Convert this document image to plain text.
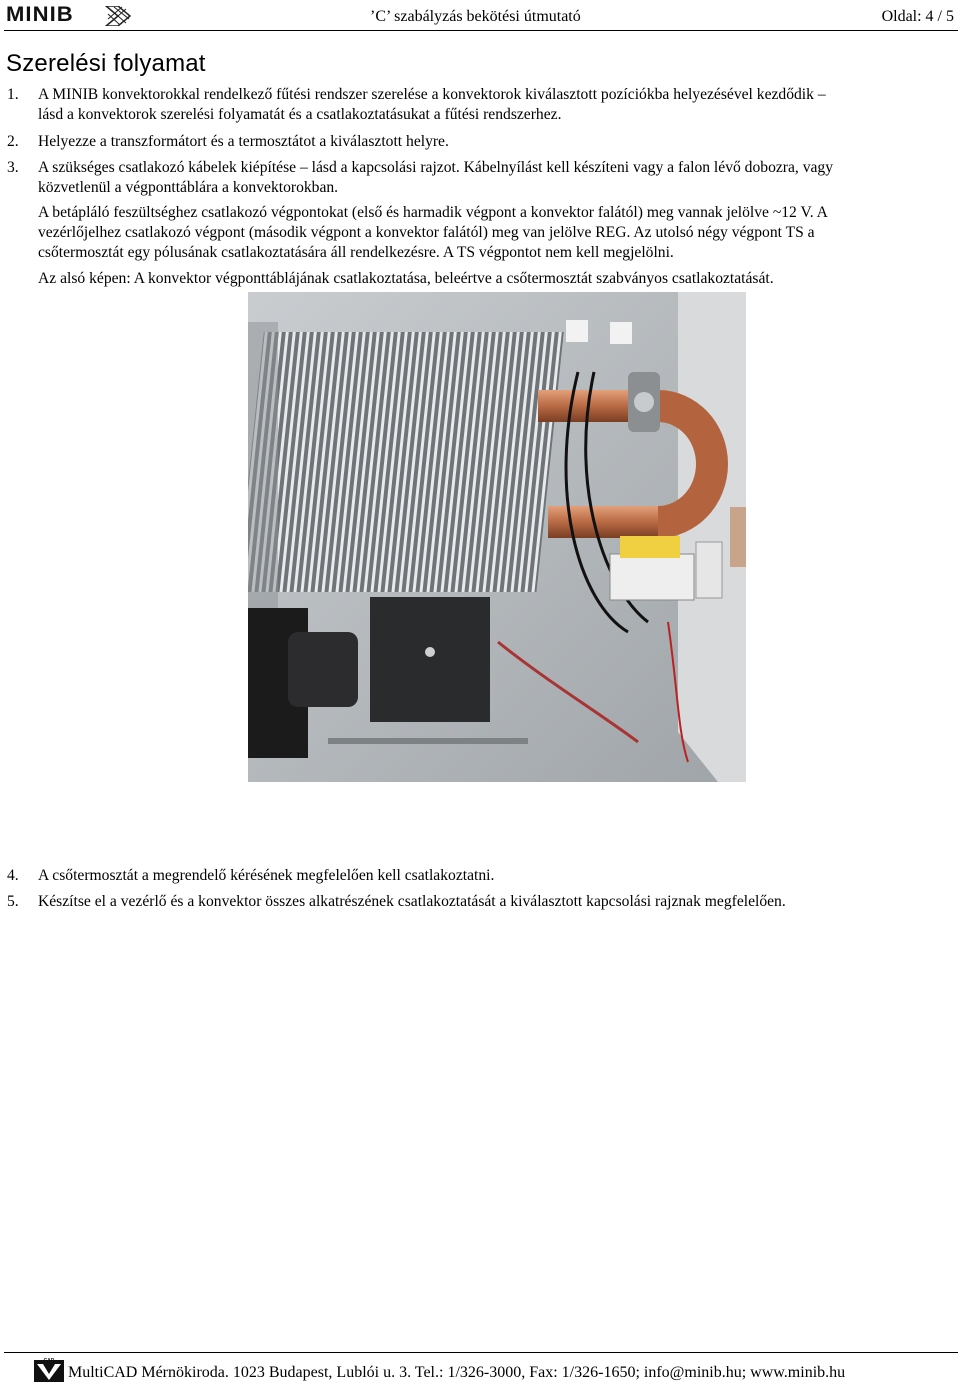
MINIB	’C’ szabályzás bekötési útmutató	Oldal: 4 / 5
Szerelési folyamat
1. A MINIB konvektorokkal rendelkező fűtési rendszer szerelése a konvektorok kiválasztott pozíciókba helyezésével kezdődik –
lásd a konvektorok szerelési folyamatát és a csatlakoztatásukat a fűtési rendszerhez.
2. Helyezze a transzformátort és a termosztátot a kiválasztott helyre.
3. A szükséges csatlakozó kábelek kiépítése – lásd a kapcsolási rajzot. Kábelnyílást kell készíteni vagy a falon lévő dobozra, vagy
közvetlenül a végponttáblára a konvektorokban.
A betápláló feszültséghez csatlakozó végpontokat (első és harmadik végpont a konvektor falától) meg vannak jelölve ~12 V. A
vezérlőjelhez csatlakozó végpont (második végpont a konvektor falától) meg van jelölve REG. Az utolsó négy végpont TS a
csőtermosztát egy pólusának csatlakoztatására áll rendelkezésre. A TS végpontot nem kell megjelölni.
Az alsó képen: A konvektor végponttáblájának csatlakoztatása, beleértve a csőtermosztát szabványos csatlakoztatását.
4. A csőtermosztát a megrendelő kérésének megfelelően kell csatlakoztatni.
5. Készítse el a vezérlő és a konvektor összes alkatrészének csatlakoztatását a kiválasztott kapcsolási rajznak megfelelően.
CAD
MultiCAD Mérnökiroda. 1023 Budapest, Lublói u. 3. Tel.: 1/326-3000, Fax: 1/326-1650; info@minib.hu; www.minib.hu
